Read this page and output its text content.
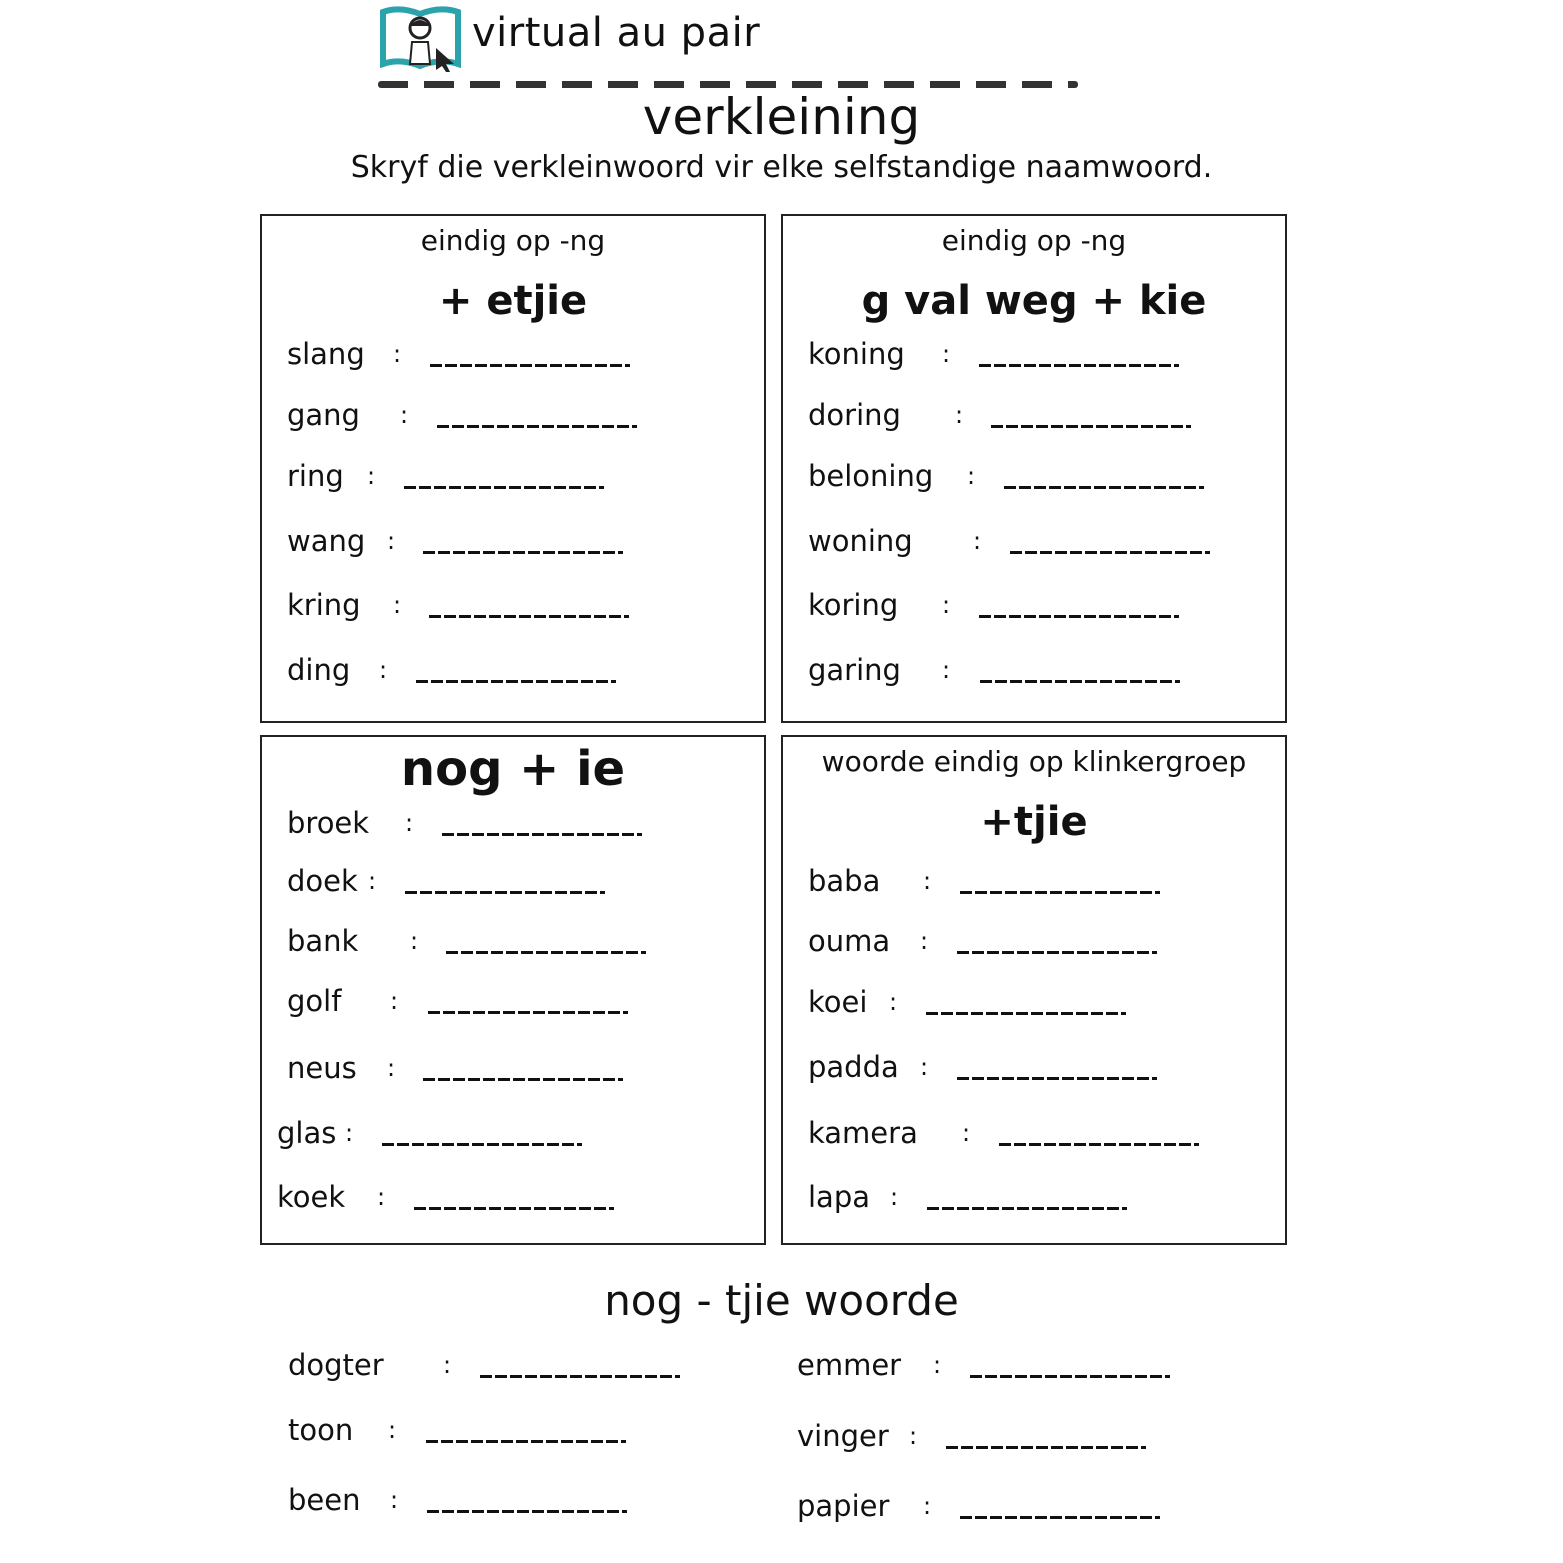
virtual au pair
verkleining
Skryf die verkleinwoord vir elke selfstandige naamwoord.
eindig op -ng
+ etjie
eindig op -ng
g val weg + kie
nog + ie	woorde eindig op klinkergroep
+tjie
nog - tjie woorde
slang :
gang :
ring :
wang :
kring :
ding :
koning :
doring :
beloning :
woning	:
koring :
garing :
broek :
doek :
bank :
golf :
neus :
glas :
koek :
baba :
ouma :
koei :
padda :
kamera :
lapa :
dogter :
toon :
been :
emmer :
vinger :
papier :
